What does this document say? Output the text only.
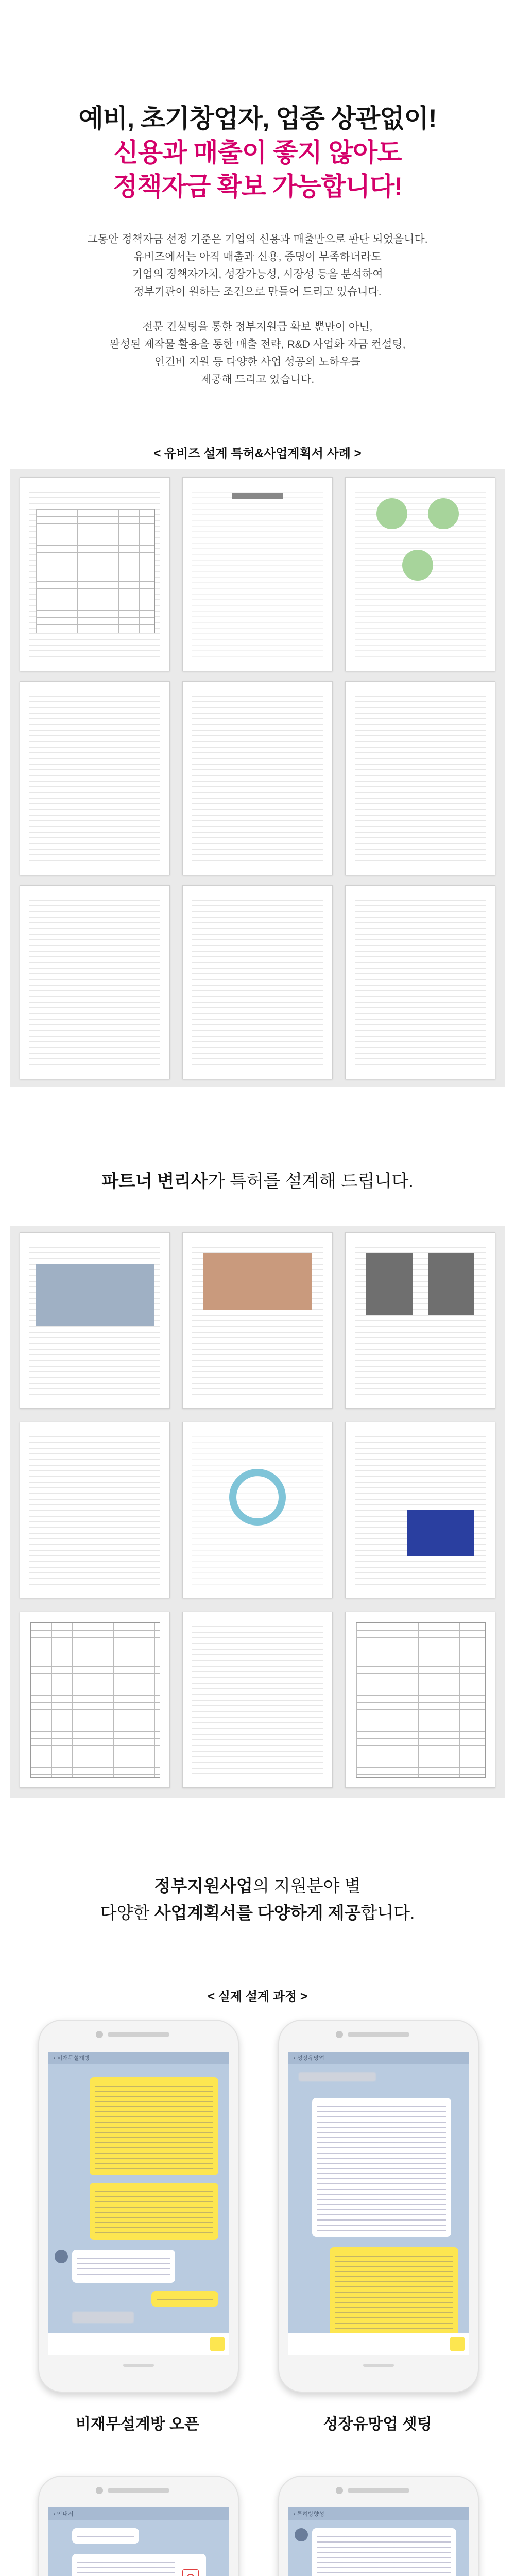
예비, 초기창업자, 업종 상관없이!
신용과 매출이 좋지 않아도
정책자금 확보 가능합니다!
그동안 정책자금 선정 기준은 기업의 신용과 매출만으로 판단 되었을니다.
유비즈에서는 아직 매출과 신용, 증명이 부족하더라도
기업의 정책자가치, 성장가능성, 시장성 등을 분석하여
정부기관이 원하는 조건으로 만들어 드리고 있습니다.
전문 컨설팅을 통한 정부지원금 확보 뿐만이 아닌,
완성된 제작물 활용을 통한 매출 전략, R&D 사업화 자금 컨설팅,
인건비 지원 등 다양한 사업 성공의 노하우를
제공해 드리고 있습니다.
< 유비즈 설계 특허&사업계획서 사례 >
파트너 변리사가 특허를 설계해 드립니다.
정부지원사업의 지원분야 별
다양한 사업계획서를 다양하게 제공합니다.
< 실제 설계 과정 >
‹ 비재무설계방
비재무설계방 오픈
‹ 성장유망업
성장유망업 셋팅
‹ 안내서	‹ 특허방향성
